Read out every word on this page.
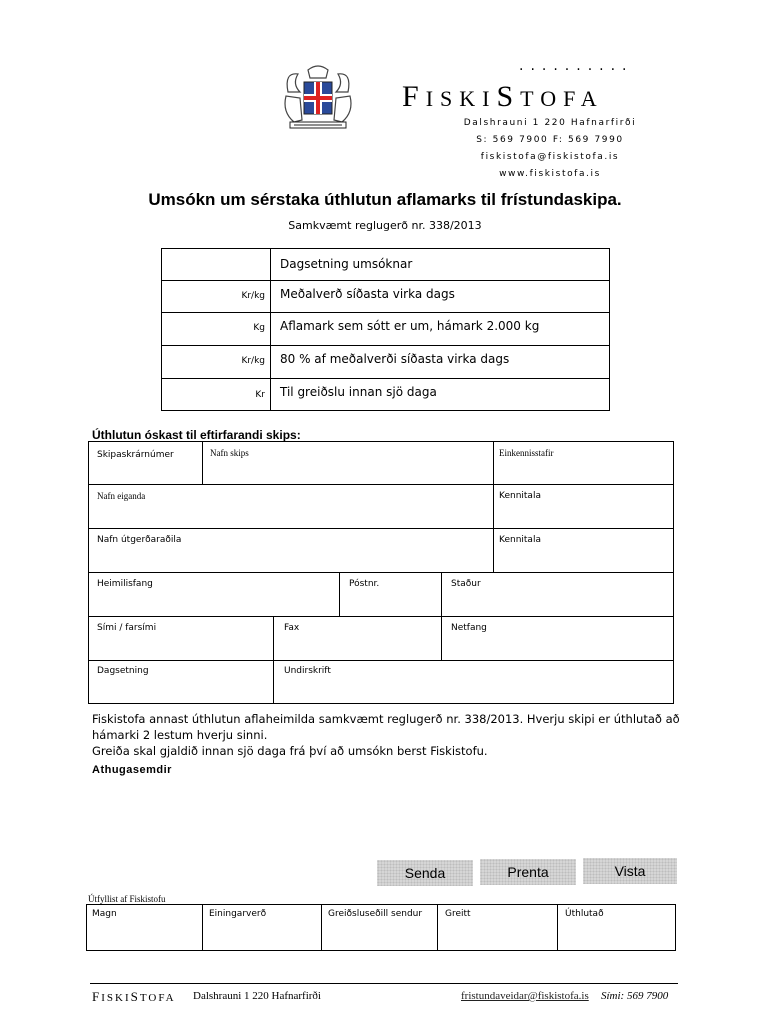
..........
FISKISTOFA
Dalshrauni 1 220 Hafnarfirði
S: 569 7900 F: 569 7990
fiskistofa@fiskistofa.is
www.fiskistofa.is
Umsókn um sérstaka úthlutun aflamarks til frístundaskipa.
Samkvæmt reglugerð nr. 338/2013
Dagsetning umsóknar
Kr/kg Meðalverð síðasta virka dags
Kg Aflamark sem sótt er um, hámark 2.000 kg
Kr/kg 80 % af meðalverði síðasta virka dags
Kr Til greiðslu innan sjö daga
Úthlutun óskast til eftirfarandi skips:
Skipaskrárnúmer	Nafn skips	Einkennisstafir
Nafn eiganda	Kennitala
Nafn útgerðaraðila	Kennitala
Heimilisfang	Póstnr.	Staður
Sími / farsími	Fax	Netfang
Dagsetning	Undirskrift
Fiskistofa annast úthlutun aflaheimilda samkvæmt reglugerð nr. 338/2013. Hverju skipi er úthlutað að hámarki 2 lestum hverju sinni.
Greiða skal gjaldið innan sjö daga frá því að umsókn berst Fiskistofu.
Athugasemdir
Senda	Prenta	Vista
Útfyllist af Fiskistofu
Magn	Einingarverð	Greiðsluseðill sendur	Greitt	Úthlutað
FISKISTOFA Dalshrauni 1 220 Hafnarfirði	fristundaveidar@fiskistofa.is Sími: 569 7900
